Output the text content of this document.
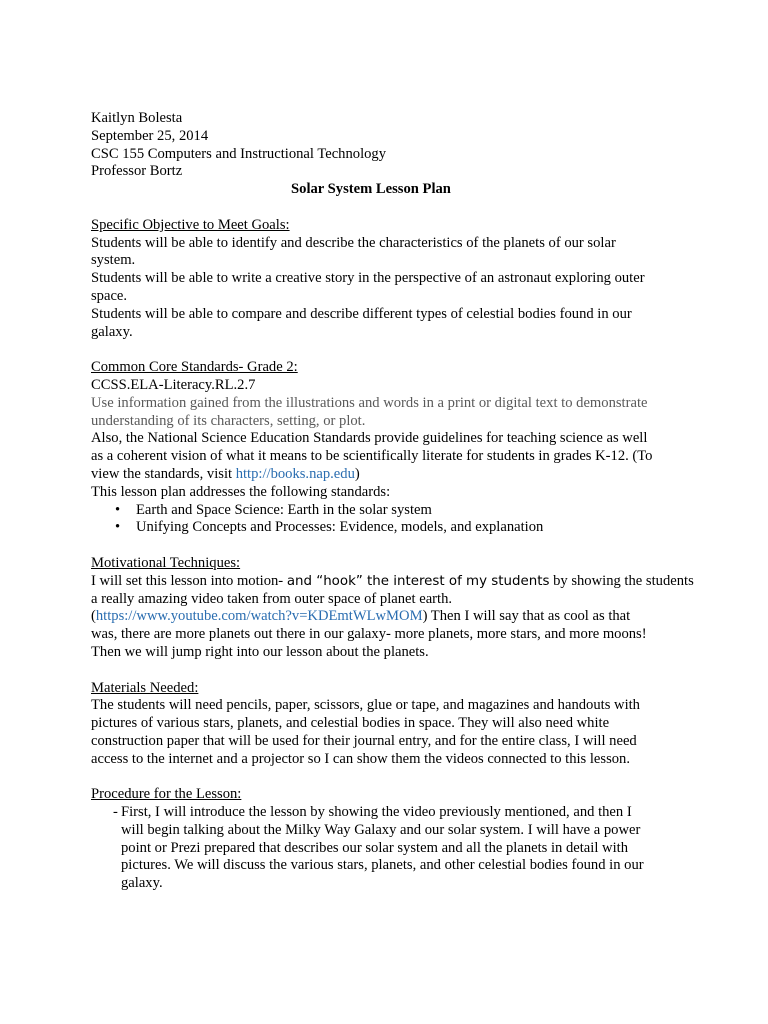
Kaitlyn Bolesta
September 25, 2014
CSC 155 Computers and Instructional Technology
Professor Bortz
Solar System Lesson Plan
Specific Objective to Meet Goals:
Students will be able to identify and describe the characteristics of the planets of our solar
system.
Students will be able to write a creative story in the perspective of an astronaut exploring outer
space.
Students will be able to compare and describe different types of celestial bodies found in our
galaxy.
Common Core Standards- Grade 2:
CCSS.ELA-Literacy.RL.2.7
Use information gained from the illustrations and words in a print or digital text to demonstrate
understanding of its characters, setting, or plot.
Also, the National Science Education Standards provide guidelines for teaching science as well
as a coherent vision of what it means to be scientifically literate for students in grades K-12. (To
view the standards, visit http://books.nap.edu)
This lesson plan addresses the following standards:
• Earth and Space Science: Earth in the solar system
• Unifying Concepts and Processes: Evidence, models, and explanation
Motivational Techniques:
I will set this lesson into motion- and “hook” the interest of my students by showing the students
a really amazing video taken from outer space of planet earth.
(https://www.youtube.com/watch?v=KDEmtWLwMOM) Then I will say that as cool as that
was, there are more planets out there in our galaxy- more planets, more stars, and more moons!
Then we will jump right into our lesson about the planets.
Materials Needed:
The students will need pencils, paper, scissors, glue or tape, and magazines and handouts with
pictures of various stars, planets, and celestial bodies in space. They will also need white
construction paper that will be used for their journal entry, and for the entire class, I will need
access to the internet and a projector so I can show them the videos connected to this lesson.
Procedure for the Lesson:
- First, I will introduce the lesson by showing the video previously mentioned, and then I
will begin talking about the Milky Way Galaxy and our solar system. I will have a power
point or Prezi prepared that describes our solar system and all the planets in detail with
pictures. We will discuss the various stars, planets, and other celestial bodies found in our
galaxy.
